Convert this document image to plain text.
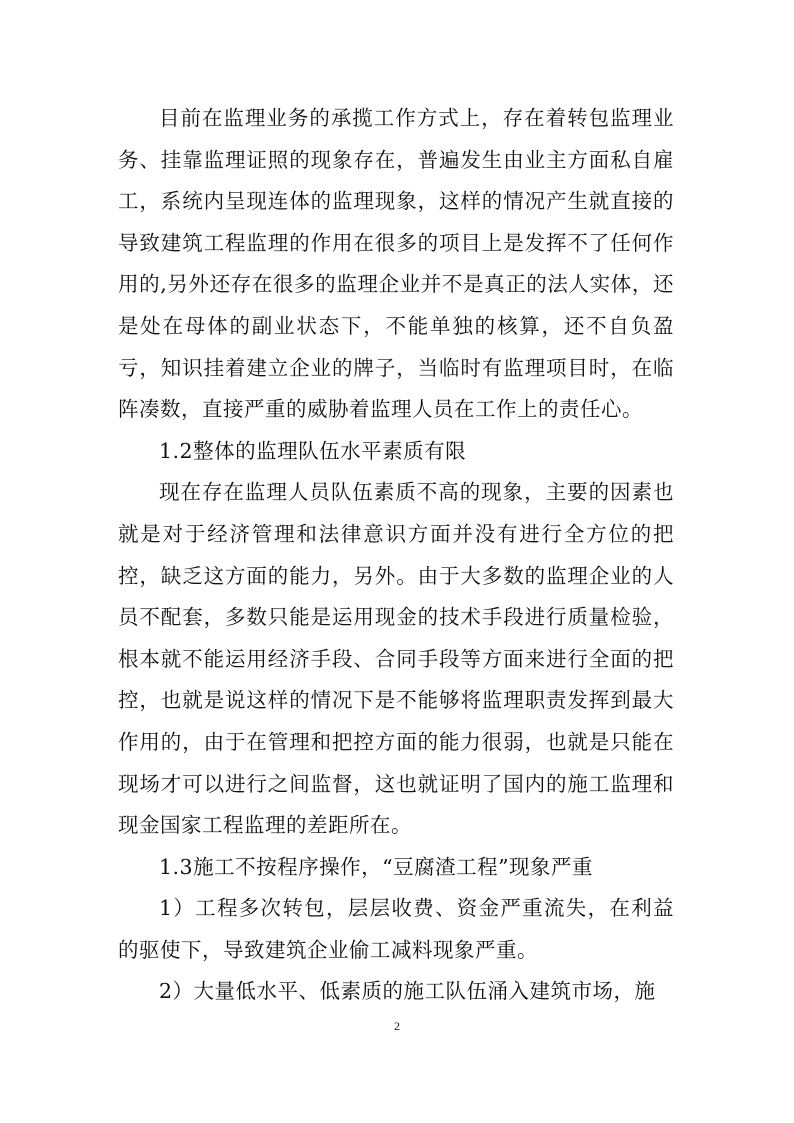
目前在监理业务的承揽工作方式上，存在着转包监理业务、挂靠监理证照的现象存在，普遍发生由业主方面私自雇工，系统内呈现连体的监理现象，这样的情况产生就直接的导致建筑工程监理的作用在很多的项目上是发挥不了任何作用的,另外还存在很多的监理企业并不是真正的法人实体，还是处在母体的副业状态下，不能单独的核算，还不自负盈亏，知识挂着建立企业的牌子，当临时有监理项目时，在临阵凑数，直接严重的威胁着监理人员在工作上的责任心。

1.2整体的监理队伍水平素质有限

现在存在监理人员队伍素质不高的现象，主要的因素也就是对于经济管理和法律意识方面并没有进行全方位的把控，缺乏这方面的能力，另外。由于大多数的监理企业的人员不配套，多数只能是运用现金的技术手段进行质量检验，根本就不能运用经济手段、合同手段等方面来进行全面的把控，也就是说这样的情况下是不能够将监理职责发挥到最大作用的，由于在管理和把控方面的能力很弱，也就是只能在现场才可以进行之间监督，这也就证明了国内的施工监理和现金国家工程监理的差距所在。

1.3施工不按程序操作，“豆腐渣工程”现象严重

1）工程多次转包，层层收费、资金严重流失，在利益的驱使下，导致建筑企业偷工减料现象严重。

2）大量低水平、低素质的施工队伍涌入建筑市场，施

2
